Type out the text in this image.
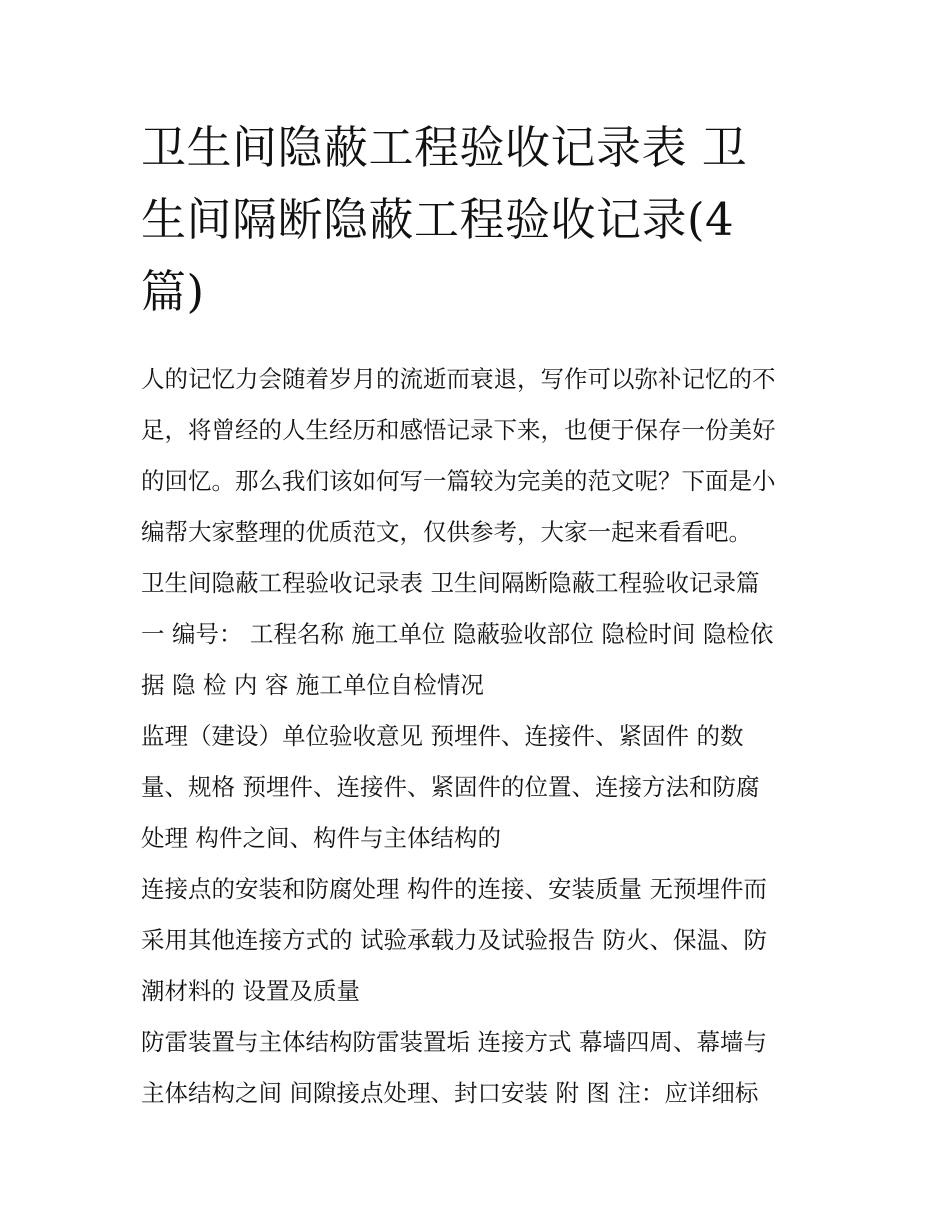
卫生间隐蔽工程验收记录表 卫
生间隔断隐蔽工程验收记录(4
篇)
人的记忆力会随着岁月的流逝而衰退，写作可以弥补记忆的不
足，将曾经的人生经历和感悟记录下来，也便于保存一份美好
的回忆。那么我们该如何写一篇较为完美的范文呢？下面是小
编帮大家整理的优质范文，仅供参考，大家一起来看看吧。
卫生间隐蔽工程验收记录表 卫生间隔断隐蔽工程验收记录篇
一 编号： 工程名称 施工单位 隐蔽验收部位 隐检时间 隐检依
据 隐 检 内 容 施工单位自检情况
监理（建设）单位验收意见 预埋件、连接件、紧固件 的数
量、规格 预埋件、连接件、紧固件的位置、连接方法和防腐
处理 构件之间、构件与主体结构的
连接点的安装和防腐处理 构件的连接、安装质量 无预埋件而
采用其他连接方式的 试验承载力及试验报告 防火、保温、防
潮材料的 设置及质量
防雷装置与主体结构防雷装置垢 连接方式 幕墙四周、幕墙与
主体结构之间 间隙接点处理、封口安装 附 图 注：应详细标
